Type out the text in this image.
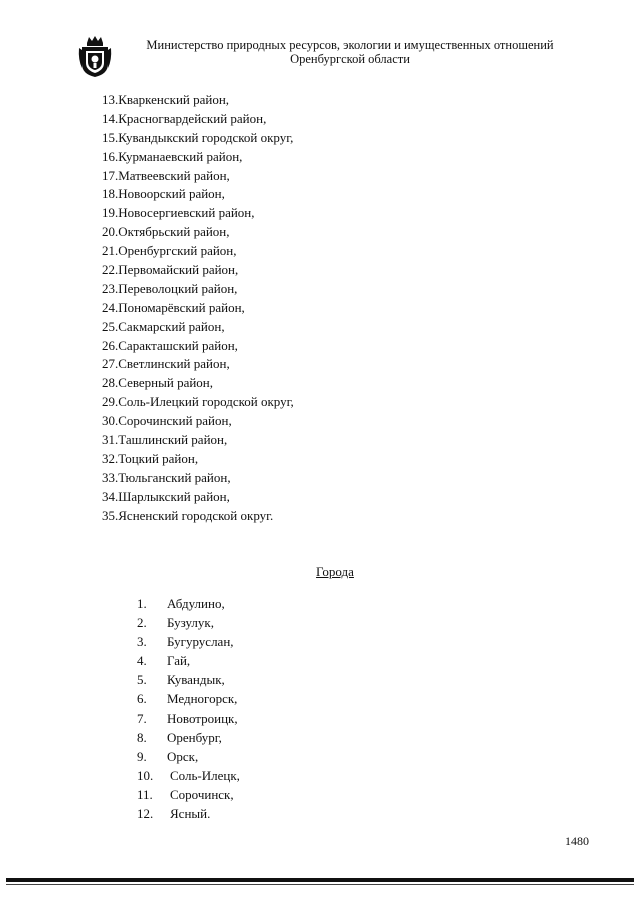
Министерство природных ресурсов, экологии и имущественных отношений
Оренбургской области
13.Кваркенский район,
14.Красногвардейский район,
15.Кувандыкский городской округ,
16.Курманаевский район,
17.Матвеевский район,
18.Новоорский район,
19.Новосергиевский район,
20.Октябрьский район,
21.Оренбургский район,
22.Первомайский район,
23.Переволоцкий район,
24.Пономарёвский район,
25.Сакмарский район,
26.Саракташский район,
27.Светлинский район,
28.Северный район,
29.Соль-Илецкий городской округ,
30.Сорочинский район,
31.Ташлинский район,
32.Тоцкий район,
33.Тюльганский район,
34.Шарлыкский район,
35.Ясненский городской округ.
Города
1. Абдулино,
2. Бузулук,
3. Бугуруслан,
4. Гай,
5. Кувандык,
6. Медногорск,
7. Новотроицк,
8. Оренбург,
9. Орск,
10. Соль-Илецк,
11. Сорочинск,
12. Ясный.
1480
